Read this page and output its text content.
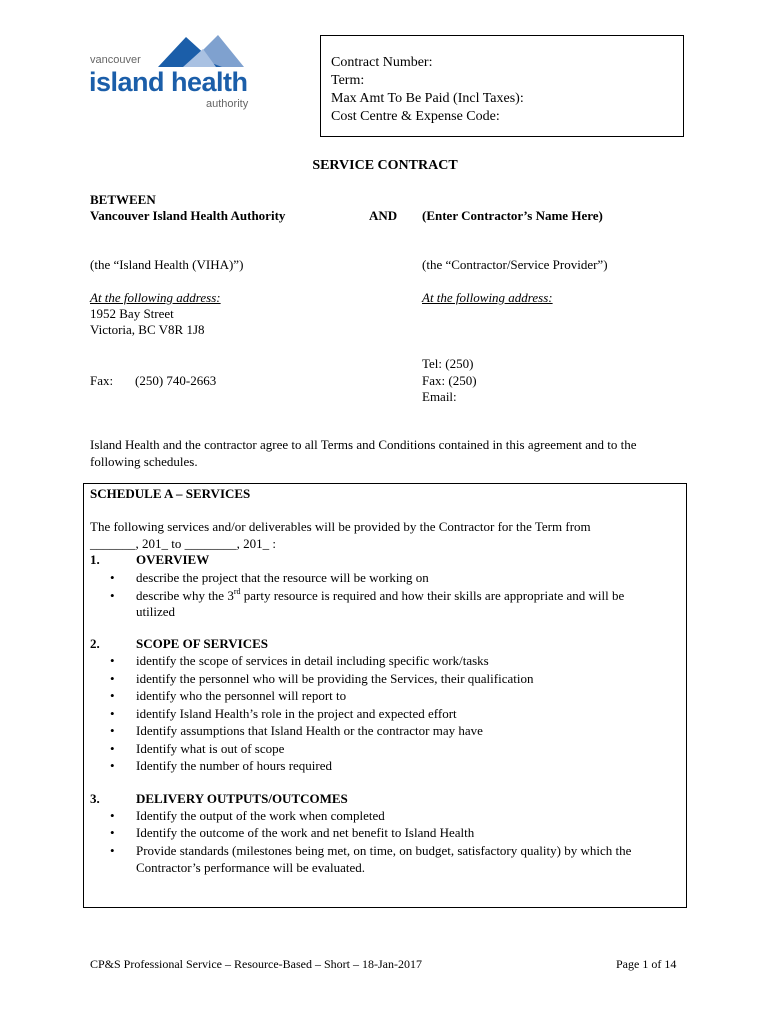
vancouver
island health
authority
Contract Number:
Term:
Max Amt To Be Paid (Incl Taxes):
Cost Centre & Expense Code:
SERVICE CONTRACT
BETWEEN
Vancouver Island Health Authority	AND (Enter Contractor’s Name Here)
(the “Island Health (VIHA)”)	(the “Contractor/Service Provider”)
At the following address:	At the following address:
1952 Bay Street
Victoria, BC V8R 1J8
Tel: (250)
Fax: (250) 740-2663	Fax: (250)
Email:
Island Health and the contractor agree to all Terms and Conditions contained in this agreement and to the
following schedules.
SCHEDULE A – SERVICES
The following services and/or deliverables will be provided by the Contractor for the Term from
_______, 201_ to ________, 201_ :
1.	OVERVIEW
• describe the project that the resource will be working on
• describe why the 3rd party resource is required and how their skills are appropriate and will be
utilized
2.	SCOPE OF SERVICES
• identify the scope of services in detail including specific work/tasks
• identify the personnel who will be providing the Services, their qualification
• identify who the personnel will report to
• identify Island Health’s role in the project and expected effort
• Identify assumptions that Island Health or the contractor may have
• Identify what is out of scope
• Identify the number of hours required
3.	DELIVERY OUTPUTS/OUTCOMES
• Identify the output of the work when completed
• Identify the outcome of the work and net benefit to Island Health
• Provide standards (milestones being met, on time, on budget, satisfactory quality) by which the
Contractor’s performance will be evaluated.
CP&S Professional Service – Resource-Based – Short – 18-Jan-2017	Page 1 of 14
